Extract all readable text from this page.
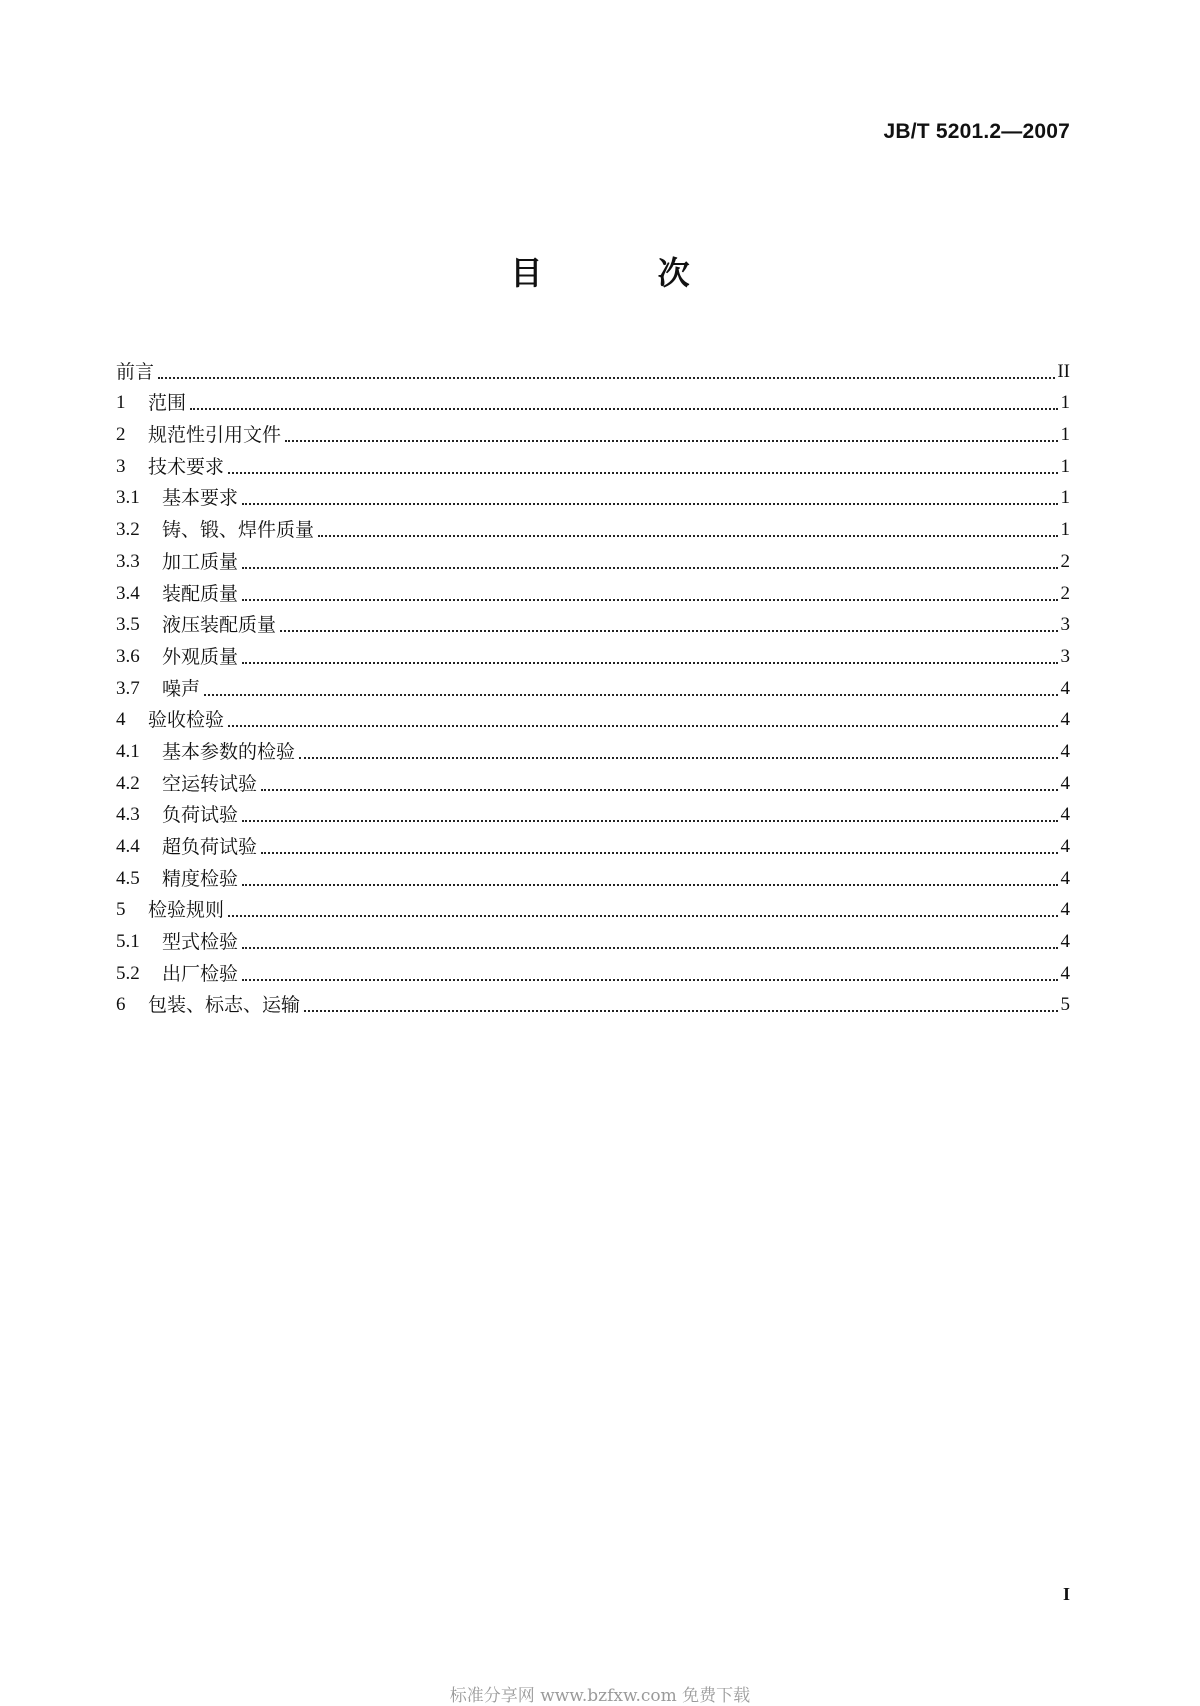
JB/T 5201.2—2007
目 次
前言	II
1	范围	1
2	规范性引用文件	1
3	技术要求	1
3.1	基本要求	1
3.2	铸、锻、焊件质量	1
3.3	加工质量	2
3.4	装配质量	2
3.5	液压装配质量	3
3.6	外观质量	3
3.7	噪声	4
4	验收检验	4
4.1	基本参数的检验	4
4.2	空运转试验	4
4.3	负荷试验	4
4.4	超负荷试验	4
4.5	精度检验	4
5	检验规则	4
5.1	型式检验	4
5.2	出厂检验	4
6	包装、标志、运输	5
I
标准分享网 www.bzfxw.com 免费下载
